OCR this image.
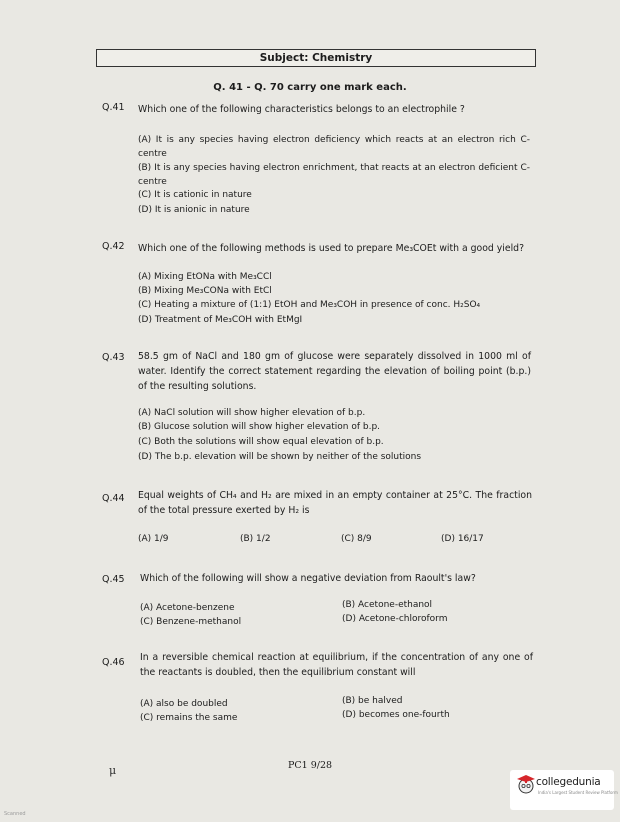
Subject: Chemistry
Q. 41 - Q. 70 carry one mark each.
Q.41 Which one of the following characteristics belongs to an electrophile ?
(A) It is any species having electron deficiency which reacts at an electron rich C-centre
(B) It is any species having electron enrichment, that reacts at an electron deficient C-centre
(C) It is cationic in nature
(D) It is anionic in nature
Q.42 Which one of the following methods is used to prepare Me₃COEt with a good yield?
(A) Mixing EtONa with Me₃CCl
(B) Mixing Me₃CONa with EtCl
(C) Heating a mixture of (1:1) EtOH and Me₃COH in presence of conc. H₂SO₄
(D) Treatment of Me₃COH with EtMgI
Q.43 58.5 gm of NaCl and 180 gm of glucose were separately dissolved in 1000 ml of water. Identify the correct statement regarding the elevation of boiling point (b.p.) of the resulting solutions.
(A) NaCl solution will show higher elevation of b.p.
(B) Glucose solution will show higher elevation of b.p.
(C) Both the solutions will show equal elevation of b.p.
(D) The b.p. elevation will be shown by neither of the solutions
Q.44 Equal weights of CH₄ and H₂ are mixed in an empty container at 25°C. The fraction of the total pressure exerted by H₂ is
(A) 1/9	(B) 1/2	(C) 8/9	(D) 16/17
Q.45 Which of the following will show a negative deviation from Raoult's law?
(A) Acetone-benzene	(B) Acetone-ethanol
(C) Benzene-methanol	(D) Acetone-chloroform
Q.46 In a reversible chemical reaction at equilibrium, if the concentration of any one of the reactants is doubled, then the equilibrium constant will
(A) also be doubled	(B) be halved
(C) remains the same	(D) becomes one-fourth
μ	PC1 9/28
collegedunia
India's Largest Student Review Platform
Scanned
